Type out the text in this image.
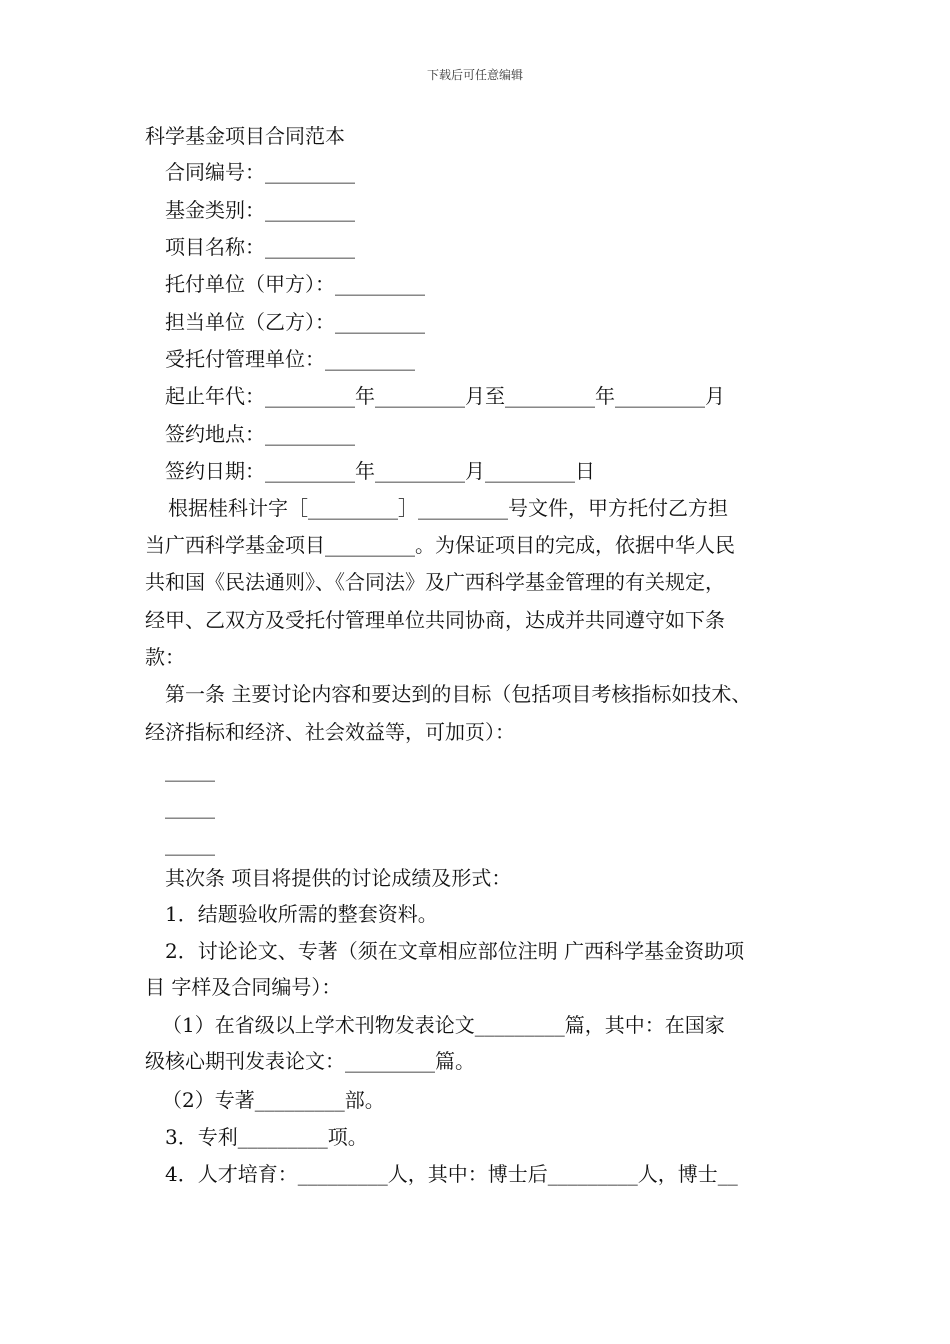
下载后可任意编辑
科学基金项目合同范本
合同编号：_________
基金类别：_________
项目名称：_________
托付单位（甲方）：_________
担当单位（乙方）：_________
受托付管理单位：_________
起止年代：_________年_________月至_________年_________月
签约地点：_________
签约日期：_________年_________月_________日
根据桂科计字［_________］_________号文件，甲方托付乙方担
当广西科学基金项目_________。为保证项目的完成，依据中华人民
共和国《民法通则》、《合同法》及广西科学基金管理的有关规定，
经甲、乙双方及受托付管理单位共同协商，达成并共同遵守如下条
款：
第一条 主要讨论内容和要达到的目标（包括项目考核指标如技术、
经济指标和经济、社会效益等，可加页）：
_____
_____
_____
其次条 项目将提供的讨论成绩及形式：
1．结题验收所需的整套资料。
2．讨论论文、专著（须在文章相应部位注明 广西科学基金资助项
目 字样及合同编号）：
（1）在省级以上学术刊物发表论文_________篇，其中：在国家
级核心期刊发表论文：_________篇。
（2）专著_________部。
3．专利_________项。
4．人才培育：_________人，其中：博士后_________人，博士__
